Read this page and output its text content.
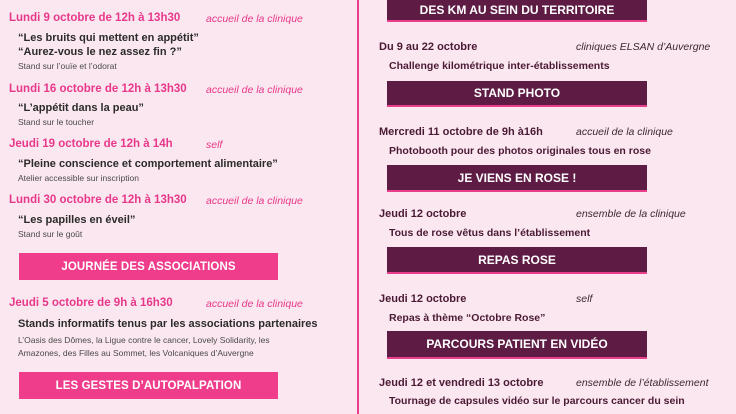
Lundi 9 octobre de 12h à 13h30 accueil de la clinique
“Les bruits qui mettent en appétit”
“Aurez-vous le nez assez fin ?”
Stand sur l’ouïe et l’odorat
Lundi 16 octobre de 12h à 13h30 accueil de la clinique
“L’appétit dans la peau”
Stand sur le toucher
Jeudi 19 octobre de 12h à 14h	self
“Pleine conscience et comportement alimentaire”
Atelier accessible sur inscription
Lundi 30 octobre de 12h à 13h30 accueil de la clinique
“Les papilles en éveil”
Stand sur le goût
JOURNÉE DES ASSOCIATIONS
Jeudi 5 octobre de 9h à 16h30	accueil de la clinique
Stands informatifs tenus par les associations partenaires
L’Oasis des Dômes, la Ligue contre le cancer, Lovely Solidarity, les
Amazones, des Filles au Sommet, les Volcaniques d’Auvergne
LES GESTES D’AUTOPALPATION
DES KM AU SEIN DU TERRITOIRE
Du 9 au 22 octobre	cliniques ELSAN d’Auvergne
Challenge kilométrique inter-établissements
STAND PHOTO
Mercredi 11 octobre de 9h à16h	accueil de la clinique
Photobooth pour des photos originales tous en rose
JE VIENS EN ROSE !
Jeudi 12 octobre	ensemble de la clinique
Tous de rose vêtus dans l’établissement
REPAS ROSE
Jeudi 12 octobre	self
Repas à thème “Octobre Rose”
PARCOURS PATIENT EN VIDÉO
Jeudi 12 et vendredi 13 octobre	ensemble de l’établissement
Tournage de capsules vidéo sur le parcours cancer du sein
